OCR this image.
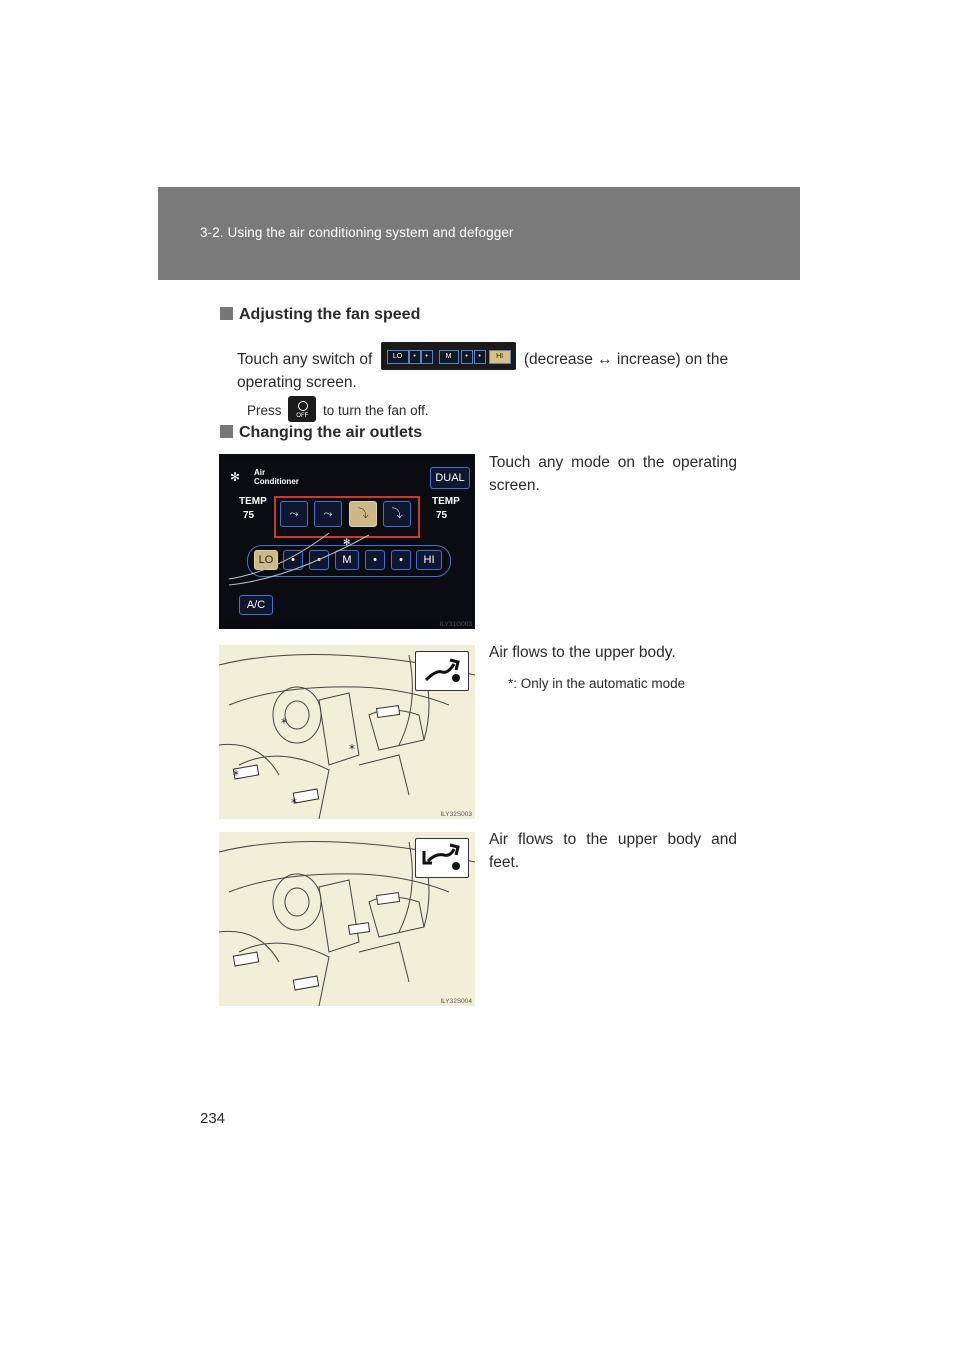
3-2. Using the air conditioning system and defogger
Adjusting the fan speed
Touch any switch of	LO	•	•	M	•	•	HI	(decrease ↔ increase) on the
operating screen.
Press	OFF	to turn the fan off.
Changing the air outlets
✻ Air
Conditioner	DUAL
TEMP
75
TEMP
75
⤳	⤳	⤵	⤵
✻
LO	•	•	M	•	•	HI
A/C
ILY31G003
Touch any mode on the operating screen.
*
*
*
*
ILY32S003
Air flows to the upper body.
*: Only in the automatic mode
ILY32S004
Air flows to the upper body and feet.
234
